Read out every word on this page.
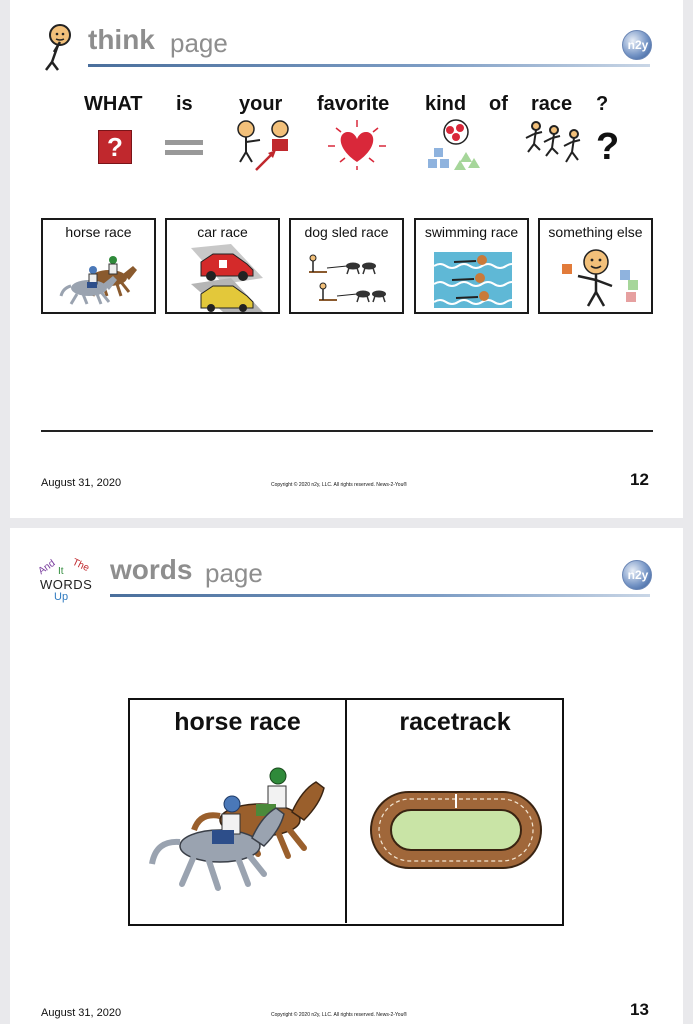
think page	n2y
WHAT is your favorite kind of race ?
?	?
horse race	car race	dog sled race	swimming race	something else
August 31, 2020	Copyright © 2020 n2y, LLC. All rights reserved. News-2-You®	12
And It The
WORDS
Up
words page	n2y
horse race	racetrack
August 31, 2020	Copyright © 2020 n2y, LLC. All rights reserved. News-2-You®	13
